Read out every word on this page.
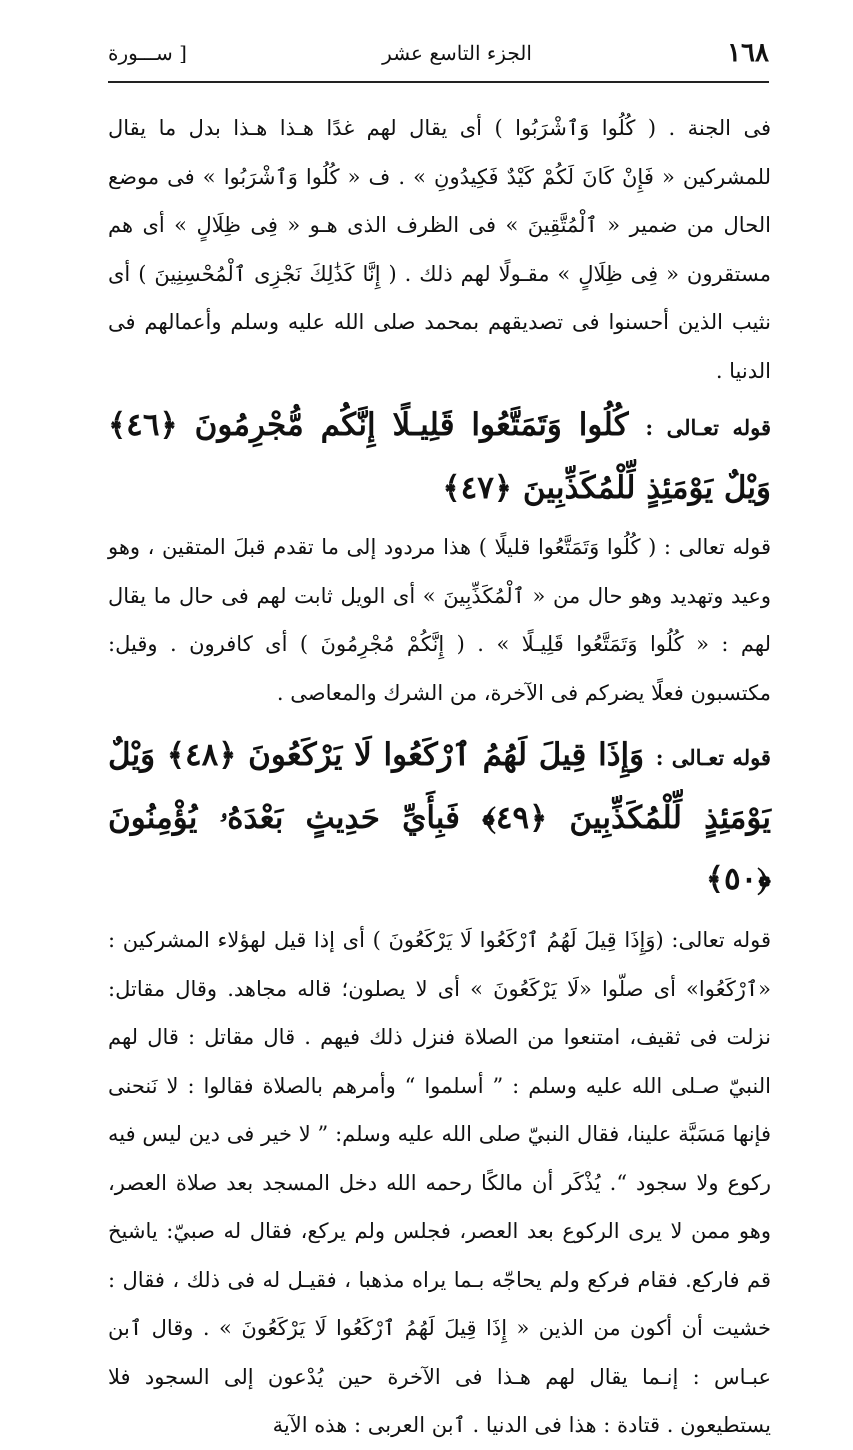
١٦٨
الجزء التاسع عشر
[ ســـورة

فى الجنة . ( كُلُوا وَٱشْرَبُوا ) أى يقال لهم غدًا هـذا هـذا بدل ما يقال للمشركين « فَإِنْ كَانَ لَكُمْ كَيْدٌ فَكِيدُونِ » . ف « كُلُوا وَٱشْرَبُوا » فى موضع الحال من ضمير « ٱلْمُتَّقِينَ » فى الظرف الذى هـو « فِى ظِلَالٍ » أى هم مستقرون « فِى ظِلَالٍ » مقـولًا لهم ذلك . ( إِنَّا كَذَٰلِكَ نَجْزِى ٱلْمُحْسِنِينَ ) أى نثيب الذين أحسنوا فى تصديقهم بمحمد صلى الله عليه وسلم وأعمالهم فى الدنيا .

قوله تعـالى : كُلُوا وَتَمَتَّعُوا قَلِيـلًا إِنَّكُم مُّجْرِمُونَ ﴿٤٦﴾ وَيْلٌ يَوْمَئِذٍ لِّلْمُكَذِّبِينَ ﴿٤٧﴾

قوله تعالى : ( كُلُوا وَتَمَتَّعُوا قليلًا ) هذا مردود إلى ما تقدم قبلَ المتقين ، وهو وعيد وتهديد وهو حال من « ٱلْمُكَذِّبِينَ » أى الويل ثابت لهم فى حال ما يقال لهم : « كُلُوا وَتَمَتَّعُوا قَلِيـلًا » . ( إِنَّكُمْ مُجْرِمُونَ ) أى كافرون . وقيل: مكتسبون فعلًا يضركم فى الآخرة، من الشرك والمعاصى .

قوله تعـالى : وَإِذَا قِيلَ لَهُمُ ٱرْكَعُوا لَا يَرْكَعُونَ ﴿٤٨﴾ وَيْلٌ يَوْمَئِذٍ لِّلْمُكَذِّبِينَ ﴿٤٩﴾ فَبِأَيِّ حَدِيثٍ بَعْدَهُۥ يُؤْمِنُونَ ﴿٥٠﴾

قوله تعالى: (وَإِذَا قِيلَ لَهُمُ ٱرْكَعُوا لَا يَرْكَعُونَ ) أى إذا قيل لهؤلاء المشركين : «ٱرْكَعُوا» أى صلّوا «لَا يَرْكَعُونَ » أى لا يصلون؛ قاله مجاهد. وقال مقاتل: نزلت فى ثقيف، امتنعوا من الصلاة فنزل ذلك فيهم . قال مقاتل : قال لهم النبيّ صـلى الله عليه وسلم : ” أسلموا “ وأمرهم بالصلاة فقالوا : لا نَنحنى فإنها مَسَبَّة علينا، فقال النبيّ صلى الله عليه وسلم: ” لا خير فى دين ليس فيه ركوع ولا سجود “. يُذْكَر أن مالكًا رحمه الله دخل المسجد بعد صلاة العصر، وهو ممن لا يرى الركوع بعد العصر، فجلس ولم يركع، فقال له صبيّ: ياشيخ قم فاركع. فقام فركع ولم يحاجّه بـما يراه مذهبا ، فقيـل له فى ذلك ، فقال : خشيت أن أكون من الذين « إِذَا قِيلَ لَهُمُ ٱرْكَعُوا لَا يَرْكَعُونَ » . وقال ٱبن عبـاس : إنـما يقال لهم هـذا فى الآخرة حين يُدْعون إلى السجود فلا يستطيعون . قتادة : هذا فى الدنيا . ٱبن العربى : هذه الآية
